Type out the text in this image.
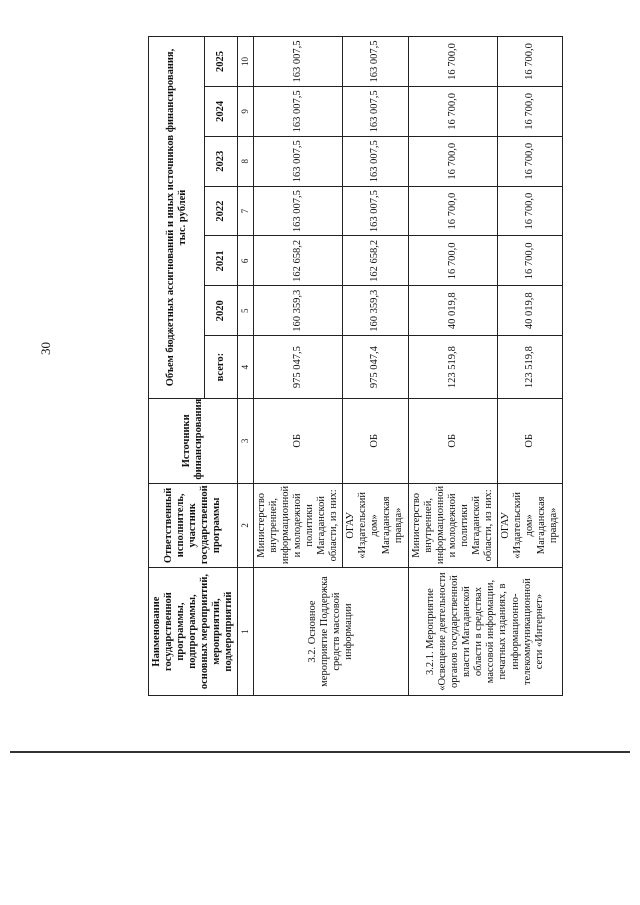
30
Наименование государственной программы, подпрограммы, основных мероприятий, мероприятий, подмероприятий	Ответственный исполнитель, участник государственной программы	Источники финансирования	Объем бюджетных ассигнований и иных источников финансирования, тыс. рублей						
			всего:	2020	2021	2022	2023	2024	2025
1	2	3	4	5	6	7	8	9	10
3.2. Основное мероприятие Поддержка средств массовой информации	Министерство внутренней, информационной и молодежной политики Магаданской области, из них:	ОБ	975 047,5	160 359,3	162 658,2	163 007,5	163 007,5	163 007,5	163 007,5
	ОГАУ «Издательский дом» Магаданская правда»	ОБ	975 047,4	160 359,3	162 658,2	163 007,5	163 007,5	163 007,5	163 007,5
3.2.1. Мероприятие «Освещение деятельности органов государственной власти Магаданской области в средствах массовой информации, печатных изданиях, в информационно-телекоммуникационной сети «Интернет»	Министерство внутренней, информационной и молодежной политики Магаданской области, из них:	ОБ	123 519,8	40 019,8	16 700,0	16 700,0	16 700,0	16 700,0	16 700,0
	ОГАУ «Издательский дом» Магаданская правда»	ОБ	123 519,8	40 019,8	16 700,0	16 700,0	16 700,0	16 700,0	16 700,0
